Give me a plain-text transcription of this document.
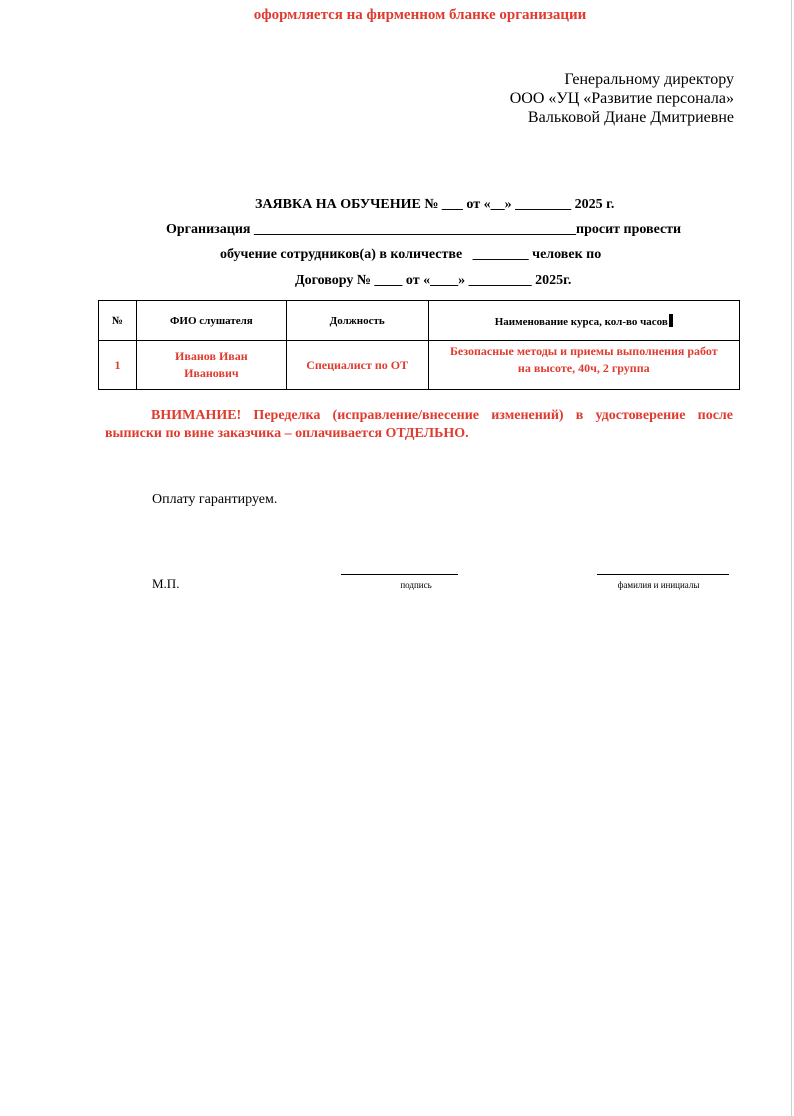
оформляется на фирменном бланке организации
Генеральному директору
ООО «УЦ «Развитие персонала»
Вальковой Диане Дмитриевне
ЗАЯВКА НА ОБУЧЕНИЕ № ___ от «__» ________ 2025 г.
Организация ______________________________________________просит провести
обучение сотрудников(а) в количестве   ________ человек по
Договору № ____ от «____» _________ 2025г.
№	ФИО слушателя	Должность	Наименование курса, кол-во часов
1	Иванов Иван Иванович	Специалист по ОТ	Безопасные методы и приемы выполнения работ на высоте, 40ч, 2 группа
ВНИМАНИЕ! Переделка (исправление/внесение изменений) в удостоверение после выписки по вине заказчика – оплачивается ОТДЕЛЬНО.
Оплату гарантируем.
М.П.	подпись	фамилия и инициалы
